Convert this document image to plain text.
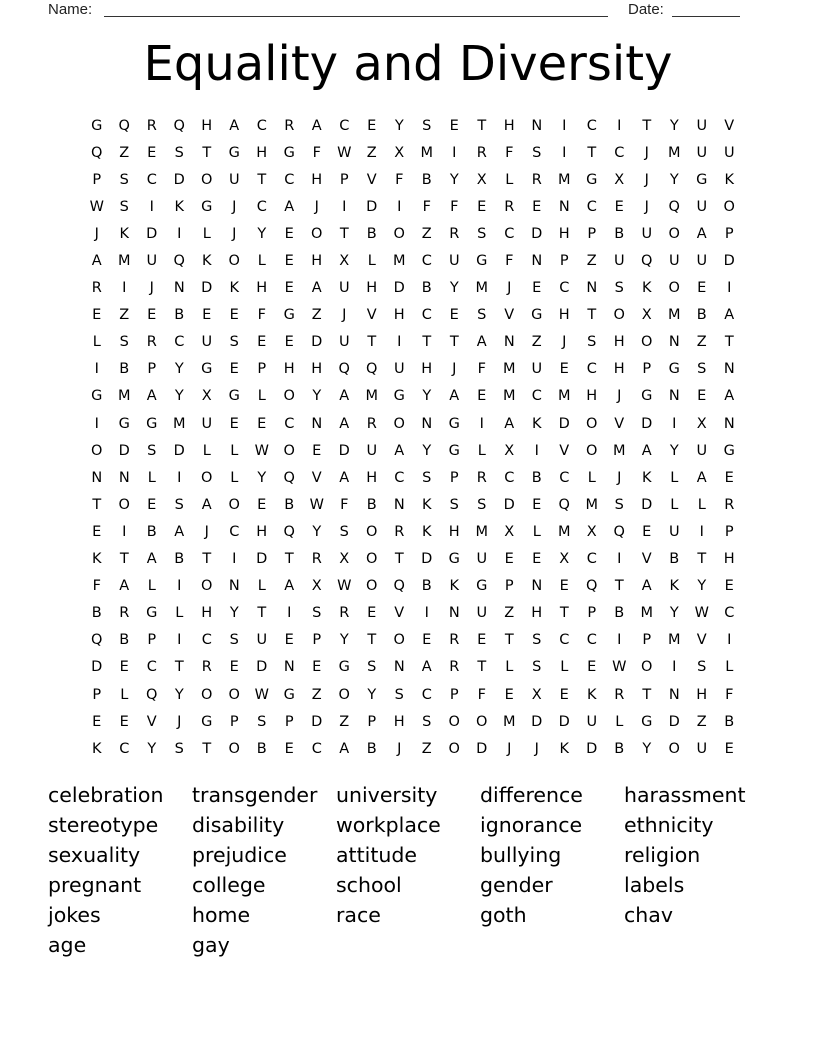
Name:	Date:
Equality and Diversity
G	Q	R	Q	H	A	C	R	A	C	E	Y	S	E	T	H	N	I	C	I	T	Y	U	V
Q	Z	E	S	T	G	H	G	F	W	Z	X	M	I	R	F	S	I	T	C	J	M	U	U
P	S	C	D	O	U	T	C	H	P	V	F	B	Y	X	L	R	M	G	X	J	Y	G	K
W	S	I	K	G	J	C	A	J	I	D	I	F	F	E	R	E	N	C	E	J	Q	U	O
J	K	D	I	L	J	Y	E	O	T	B	O	Z	R	S	C	D	H	P	B	U	O	A	P
A	M	U	Q	K	O	L	E	H	X	L	M	C	U	G	F	N	P	Z	U	Q	U	U	D
R	I	J	N	D	K	H	E	A	U	H	D	B	Y	M	J	E	C	N	S	K	O	E	I
E	Z	E	B	E	E	F	G	Z	J	V	H	C	E	S	V	G	H	T	O	X	M	B	A
L	S	R	C	U	S	E	E	D	U	T	I	T	T	A	N	Z	J	S	H	O	N	Z	T
I	B	P	Y	G	E	P	H	H	Q	Q	U	H	J	F	M	U	E	C	H	P	G	S	N
G	M	A	Y	X	G	L	O	Y	A	M	G	Y	A	E	M	C	M	H	J	G	N	E	A
I	G	G	M	U	E	E	C	N	A	R	O	N	G	I	A	K	D	O	V	D	I	X	N
O	D	S	D	L	L	W	O	E	D	U	A	Y	G	L	X	I	V	O	M	A	Y	U	G
N	N	L	I	O	L	Y	Q	V	A	H	C	S	P	R	C	B	C	L	J	K	L	A	E
T	O	E	S	A	O	E	B	W	F	B	N	K	S	S	D	E	Q	M	S	D	L	L	R
E	I	B	A	J	C	H	Q	Y	S	O	R	K	H	M	X	L	M	X	Q	E	U	I	P
K	T	A	B	T	I	D	T	R	X	O	T	D	G	U	E	E	X	C	I	V	B	T	H
F	A	L	I	O	N	L	A	X	W	O	Q	B	K	G	P	N	E	Q	T	A	K	Y	E
B	R	G	L	H	Y	T	I	S	R	E	V	I	N	U	Z	H	T	P	B	M	Y	W	C
Q	B	P	I	C	S	U	E	P	Y	T	O	E	R	E	T	S	C	C	I	P	M	V	I
D	E	C	T	R	E	D	N	E	G	S	N	A	R	T	L	S	L	E	W	O	I	S	L
P	L	Q	Y	O	O	W	G	Z	O	Y	S	C	P	F	E	X	E	K	R	T	N	H	F
E	E	V	J	G	P	S	P	D	Z	P	H	S	O	O	M	D	D	U	L	G	D	Z	B
K	C	Y	S	T	O	B	E	C	A	B	J	Z	O	D	J	J	K	D	B	Y	O	U	E
celebration	transgender university	difference	harassment
stereotype	disability	workplace	ignorance	ethnicity
sexuality	prejudice	attitude	bullying	religion
pregnant	college	school	gender	labels
jokes	home	race	goth	chav
age	gay
